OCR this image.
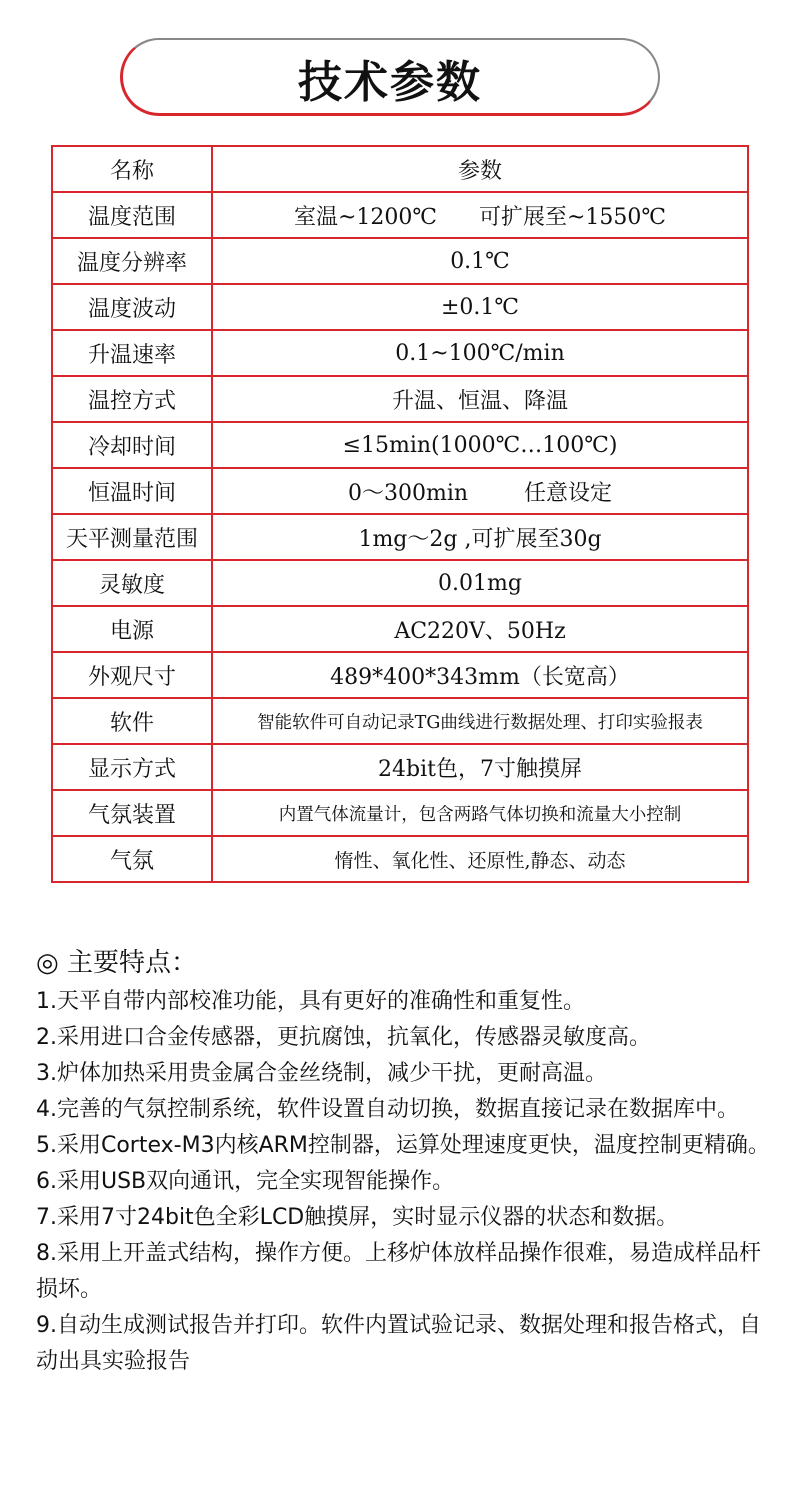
技术参数
名称	参数
温度范围	室温~1200℃      可扩展至~1550℃
温度分辨率	0.1℃
温度波动	±0.1℃
升温速率	0.1~100℃/min
温控方式	升温、恒温、降温
冷却时间	≤15min(1000℃…100℃)
恒温时间	0～300min        任意设定
天平测量范围	1mg～2g ,可扩展至30g
灵敏度	0.01mg
电源	AC220V、50Hz
外观尺寸	489*400*343mm（长宽高）
软件	智能软件可自动记录TG曲线进行数据处理、打印实验报表
显示方式	24bit色，7寸触摸屏
气氛装置	内置气体流量计，包含两路气体切换和流量大小控制
气氛	惰性、氧化性、还原性,静态、动态
◎ 主要特点：

1.天平自带内部校准功能，具有更好的准确性和重复性。

2.采用进口合金传感器，更抗腐蚀，抗氧化，传感器灵敏度高。

3.炉体加热采用贵金属合金丝绕制，减少干扰，更耐高温。

4.完善的气氛控制系统，软件设置自动切换，数据直接记录在数据库中。

5.采用Cortex-M3内核ARM控制器，运算处理速度更快，温度控制更精确。

6.采用USB双向通讯，完全实现智能操作。

7.采用7寸24bit色全彩LCD触摸屏，实时显示仪器的状态和数据。

8.采用上开盖式结构，操作方便。上移炉体放样品操作很难，易造成样品杆损坏。

9.自动生成测试报告并打印。软件内置试验记录、数据处理和报告格式，自动出具实验报告
